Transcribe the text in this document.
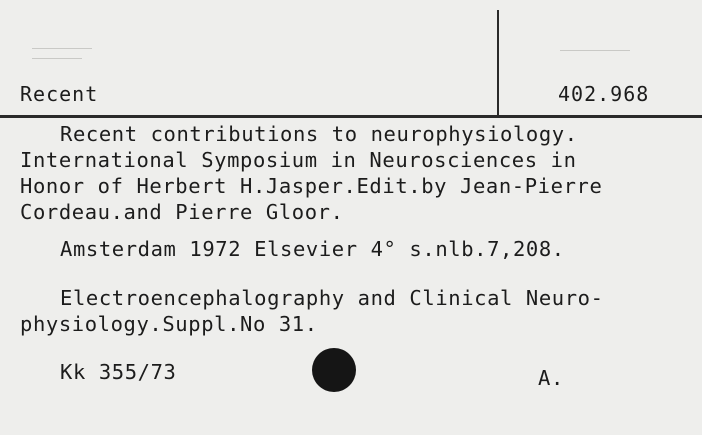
Recent	402.968
Recent contributions to neurophysiology.
International Symposium in Neurosciences in
Honor of Herbert H.Jasper.Edit.by Jean-Pierre
Cordeau.and Pierre Gloor.
Amsterdam 1972 Elsevier 4° s.nlb.7,208.
Electroencephalography and Clinical Neuro-
physiology.Suppl.No 31.
Kk 355/73	A.
